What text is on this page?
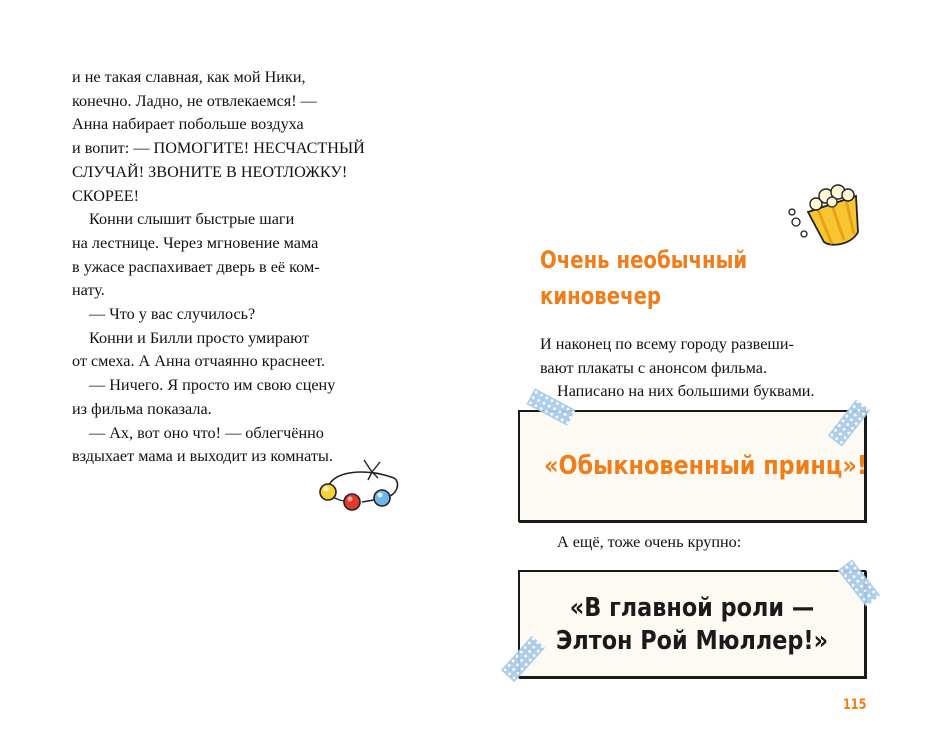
и не такая славная, как мой Ники,
конечно. Ладно, не отвлекаемся! —
Анна набирает побольше воздуха
и вопит: — ПОМОГИТЕ! НЕСЧАСТНЫЙ
СЛУЧАЙ! ЗВОНИТЕ В НЕОТЛОЖКУ!
СКОРЕЕ!
Конни слышит быстрые шаги
на лестнице. Через мгновение мама
в ужасе распахивает дверь в её ком-
нату.
— Что у вас случилось?
Конни и Билли просто умирают
от смеха. А Анна отчаянно краснеет.
— Ничего. Я просто им свою сцену
из фильма показала.
— Ах, вот оно что! — облегчённо
вздыхает мама и выходит из комнаты.
Очень необычный
киновечер
И наконец по всему городу развеши-
вают плакаты с анонсом фильма.
Написано на них большими буквами.
«Обыкновенный принц»!
А ещё, тоже очень крупно:
«В главной роли —
Элтон Рой Мюллер!»
115
